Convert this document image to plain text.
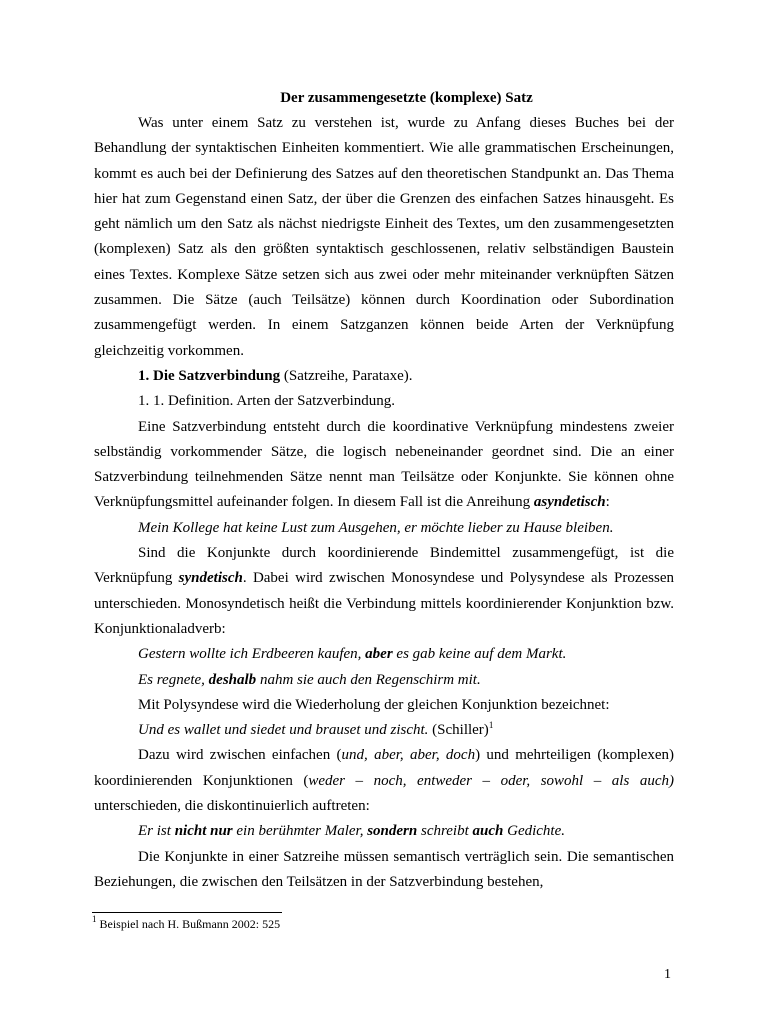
Der zusammengesetzte (komplexe) Satz

Was unter einem Satz zu verstehen ist, wurde zu Anfang dieses Buches bei der Behandlung der syntaktischen Einheiten kommentiert. Wie alle grammatischen Erscheinungen, kommt es auch bei der Definierung des Satzes auf den theoretischen Standpunkt an. Das Thema hier hat zum Gegenstand einen Satz, der über die Grenzen des einfachen Satzes hinausgeht. Es geht nämlich um den Satz als nächst niedrigste Einheit des Textes, um den zusammengesetzten (komplexen) Satz als den größten syntaktisch geschlossenen, relativ selbständigen Baustein eines Textes. Komplexe Sätze setzen sich aus zwei oder mehr miteinander verknüpften Sätzen zusammen. Die Sätze (auch Teilsätze) können durch Koordination oder Subordination zusammengefügt werden. In einem Satzganzen können beide Arten der Verknüpfung gleichzeitig vorkommen.

1. Die Satzverbindung (Satzreihe, Parataxe).

1. 1. Definition. Arten der Satzverbindung.

Eine Satzverbindung entsteht durch die koordinative Verknüpfung mindestens zweier selbständig vorkommender Sätze, die logisch nebeneinander geordnet sind. Die an einer Satzverbindung teilnehmenden Sätze nennt man Teilsätze oder Konjunkte. Sie können ohne Verknüpfungsmittel aufeinander folgen. In diesem Fall ist die Anreihung asyndetisch:

Mein Kollege hat keine Lust zum Ausgehen, er möchte lieber zu Hause bleiben.

Sind die Konjunkte durch koordinierende Bindemittel zusammengefügt, ist die Verknüpfung syndetisch. Dabei wird zwischen Monosyndese und Polysyndese als Prozessen unterschieden. Monosyndetisch heißt die Verbindung mittels koordinierender Konjunktion bzw. Konjunktionaladverb:

Gestern wollte ich Erdbeeren kaufen, aber es gab keine auf dem Markt.

Es regnete, deshalb nahm sie auch den Regenschirm mit.

Mit Polysyndese wird die Wiederholung der gleichen Konjunktion bezeichnet:

Und es wallet und siedet und brauset und zischt. (Schiller)$^1$

Dazu wird zwischen einfachen (und, aber, aber, doch) und mehrteiligen (komplexen) koordinierenden Konjunktionen (weder – noch, entweder – oder, sowohl – als auch) unterschieden, die diskontinuierlich auftreten:

Er ist nicht nur ein berühmter Maler, sondern schreibt auch Gedichte.

Die Konjunkte in einer Satzreihe müssen semantisch verträglich sein. Die semantischen Beziehungen, die zwischen den Teilsätzen in der Satzverbindung bestehen,

$^1$ Beispiel nach H. Bußmann 2002: 525
1
